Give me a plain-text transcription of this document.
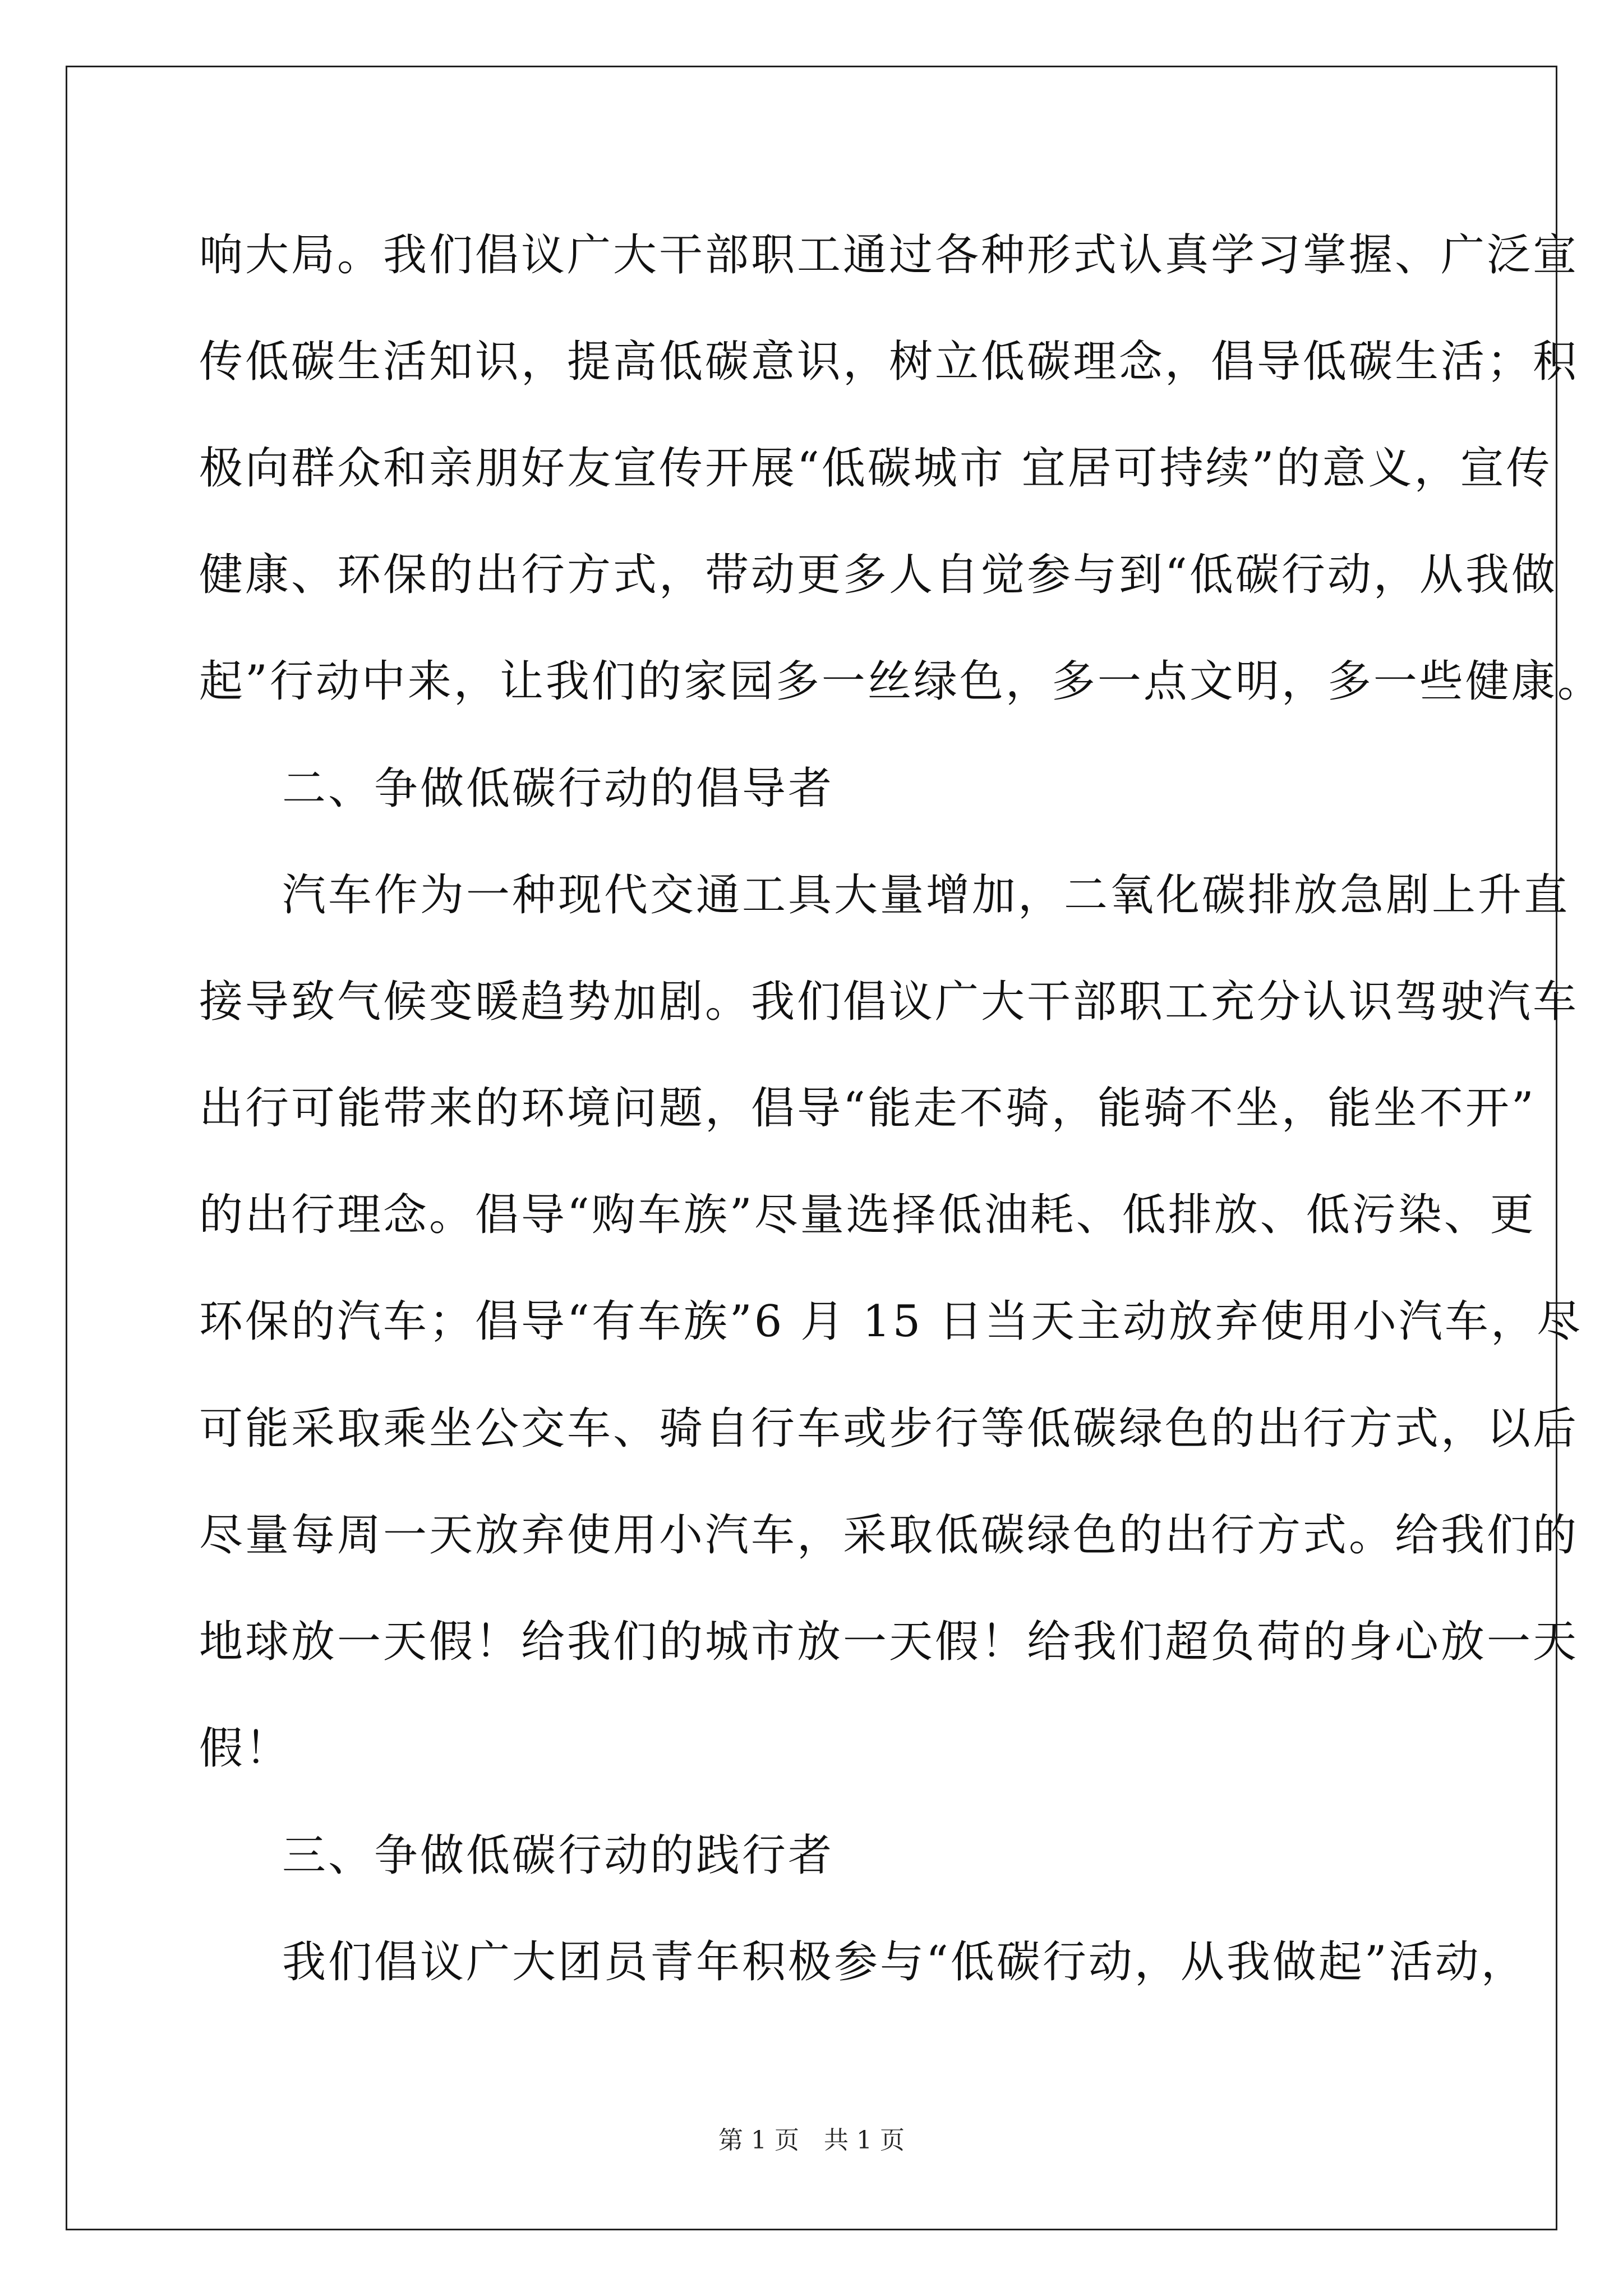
响大局。我们倡议广大干部职工通过各种形式认真学习掌握、广泛宣
传低碳生活知识，提高低碳意识，树立低碳理念，倡导低碳生活；积
极向群众和亲朋好友宣传开展“低碳城市 宜居可持续”的意义，宣传
健康、环保的出行方式，带动更多人自觉参与到“低碳行动，从我做
起”行动中来，让我们的家园多一丝绿色，多一点文明，多一些健康。
二、争做低碳行动的倡导者
汽车作为一种现代交通工具大量增加，二氧化碳排放急剧上升直
接导致气候变暖趋势加剧。我们倡议广大干部职工充分认识驾驶汽车
出行可能带来的环境问题，倡导“能走不骑，能骑不坐，能坐不开”
的出行理念。倡导“购车族”尽量选择低油耗、低排放、低污染、更
环保的汽车；倡导“有车族”6 月 15 日当天主动放弃使用小汽车，尽
可能采取乘坐公交车、骑自行车或步行等低碳绿色的出行方式，以后
尽量每周一天放弃使用小汽车，采取低碳绿色的出行方式。给我们的
地球放一天假！给我们的城市放一天假！给我们超负荷的身心放一天
假！
三、争做低碳行动的践行者
我们倡议广大团员青年积极参与“低碳行动，从我做起”活动，
第 1 页　共 1 页
